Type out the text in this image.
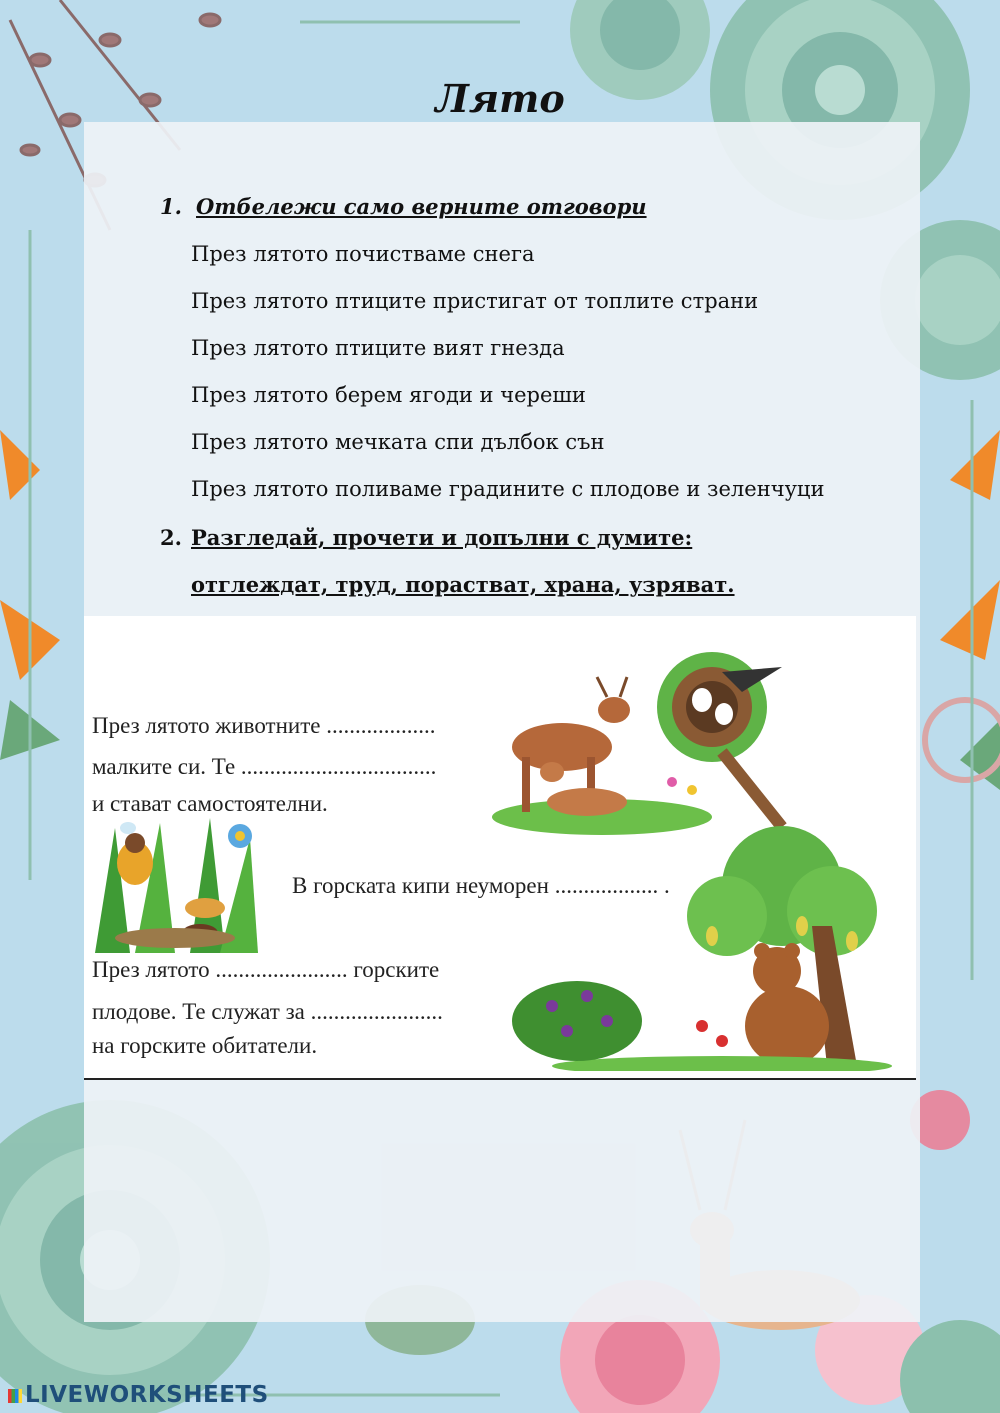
Лято
1. Отбележи само верните отговори
През лятото почистваме снега
През лятото птиците пристигат от топлите страни
През лятото птиците вият гнезда
През лятото берем ягоди и череши
През лятото мечката спи дълбок сън
През лятото поливаме градините с плодове и зеленчуци
2. Разгледай, прочети и допълни с думите:
отглеждат, труд, порастват, храна, узряват.
През лятото животните ...................
малките си. Те ..................................
и стават самостоятелни.
В горската кипи неуморен .................. .
През лятото ....................... горските
плодове. Те служат за .......................
на горските обитатели.
LIVEWORKSHEETS
